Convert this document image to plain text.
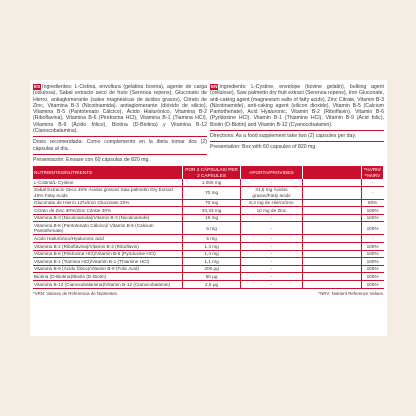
ES Ingredientes: L-Cistina, envoltura (gelatina bovina), agente de carga (celulosa), Sabal extracto seco de fruto (Serenoa repens), Gluconato de Hierro, antiaglomerante (sales magnésicas de ácidos grasos), Citrato de Zinc, Vitamina B-3 (Nicotinamida), antiaglomerante (dióxido de silicio), Vitamina B-5 (Pantotenato Cálcico), Ácido Hialurónico, Vitamina B-2 (Riboflavina), Vitamina B-6 (Piridoxina HCl), Vitamina B-1 (Tiamina HCl), Vitamina B-9 (Ácido fólico), Biotina (D-Biotina) y Vitamina B-12 (Cianocobalamina).

Dosis recomendada: Como complemento en la dieta tomar dos (2) cápsulas al día.

Presentación: Envase con 60 cápsulas de 820 mg.

EN Ingredients: L-Cystine, envelope (bovine gelatin), bulking agent (cellulose), Saw palmetto dry fruit extract (Serenoa repens), Iron Gluconate, anti-caking agent (magnesium salts of fatty acids), Zinc Citrate, Vitamin B-3 (Nicotinamide), anti-caking agent (silicon dioxide), Vitamin B-5 (Calcium Pantothenate), Acid Hyaluronic, Vitamin B-2 (Riboflavin), Vitamin B-6 (Pyridoxine HCl), Vitamin B-1 (Thiamine HCl), Vitamin B-9 (Acid folic), Biotin (D-Biotin) and Vitamin B-12 (Cyanocobalamin).

Directions: As a food supplement take two (2) capsules per day.

Presentation: Box with 60 capsules of 820 mg.

NUTRIENTES/NUTRIENTS	POR 2 CÁPSULAS/ PER 2 CAPSULES	APORTA/PROVIDES		*%VRN/ *%NRV
L-Cistina/L-Cystine	1.000 mg	-		-
Sabal Extracto Seco 45% Ácidos grasos/ Saw palmetto Dry Extract 45% Fatty Acids	70 mg	31,5 mg Ácidos grasos/Fatty acids		-
Gluconato de Hierro 12%/Iron Gluconate 20%	70 mg	8,4 mg de Hierro/Iron		60%
Citrato de Zinc 30%/Zinc Citrate 30%	33,33 mg	10 mg de Zinc		100%
Vitamina B-3 (Nicotinamida)/Vitamin B-3 (Nicotinamide)	16 mg	-		100%
Vitamina B-5 (Pantotenato Cálcico)/ Vitamin B-5 (Calcium Pantothenate)	6 mg	-		100%
Ácido Hialurónico/Hyaluronic acid	5 mg	-		-
Vitamina B-2 (Riboflavina)/Vitamin B-2 (Riboflavin)	1,4 mg	-		100%
Vitamina B-6 (Piridoxina HCl)/Vitamin B-6 (Pyridoxine HCl)	1,4 mg	-		100%
Vitamina B-1 (Tiamina HCl)/Vitamin B-1 (Thiamine HCl)	1,1 mg	-		100%
Vitamina B-9 (Ácido fólico)/Vitamin B-9 (Folic Acid)	200 µg	-		100%
Biotina (D-Biotina)/Biotin (D-Biotin)	50 µg	-		100%
Vitamina B-12 (Cianocobalamina)/Vitamin B-12 (Cianocobalamin)	2,5 µg	-		100%
*VRN: Valores de Referencia de Nutrientes.	*NRV: Nutrient Reference Values.
